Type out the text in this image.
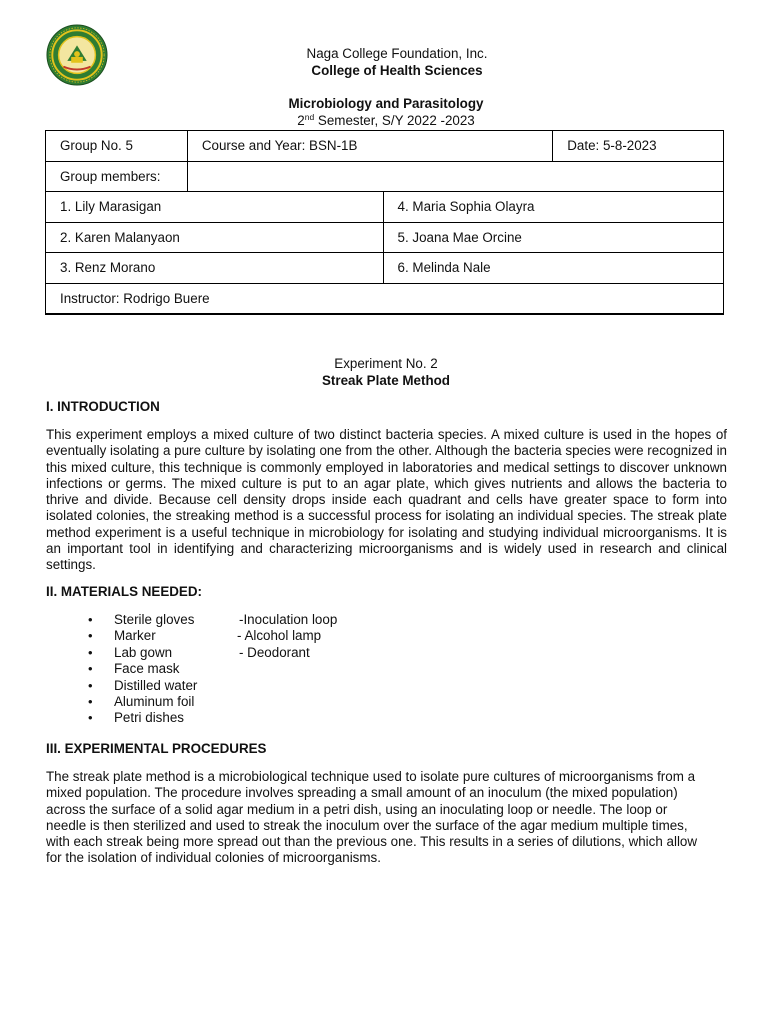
Naga College Foundation, Inc.
College of Health Sciences
Microbiology and Parasitology
2nd Semester, S/Y 2022 -2023
Group No. 5	Course and Year: BSN-1B		Date: 5-8-2023
Group members:			
1. Lily Marasigan		4. Maria Sophia Olayra	
2. Karen Malanyaon		5. Joana Mae Orcine	
3. Renz Morano		6. Melinda Nale	
Instructor: Rodrigo Buere			
Experiment No. 2
Streak Plate Method
I. INTRODUCTION
This experiment employs a mixed culture of two distinct bacteria species. A mixed culture is used in the hopes of eventually isolating a pure culture by isolating one from the other. Although the bacteria species were recognized in this mixed culture, this technique is commonly employed in laboratories and medical settings to discover unknown infections or germs. The mixed culture is put to an agar plate, which gives nutrients and allows the bacteria to thrive and divide. Because cell density drops inside each quadrant and cells have greater space to form into isolated colonies, the streaking method is a successful process for isolating an individual species. The streak plate method experiment is a useful technique in microbiology for isolating and studying individual microorganisms. It is an important tool in identifying and characterizing microorganisms and is widely used in research and clinical settings.
II. MATERIALS NEEDED:
• Sterile gloves
• Marker
• Lab gown
• Face mask
• Distilled water
• Aluminum foil
• Petri dishes
-Inoculation loop
- Alcohol lamp
- Deodorant
III. EXPERIMENTAL PROCEDURES
The streak plate method is a microbiological technique used to isolate pure cultures of microorganisms from a
mixed population. The procedure involves spreading a small amount of an inoculum (the mixed population)
across the surface of a solid agar medium in a petri dish, using an inoculating loop or needle. The loop or
needle is then sterilized and used to streak the inoculum over the surface of the agar medium multiple times,
with each streak being more spread out than the previous one. This results in a series of dilutions, which allow
for the isolation of individual colonies of microorganisms.
